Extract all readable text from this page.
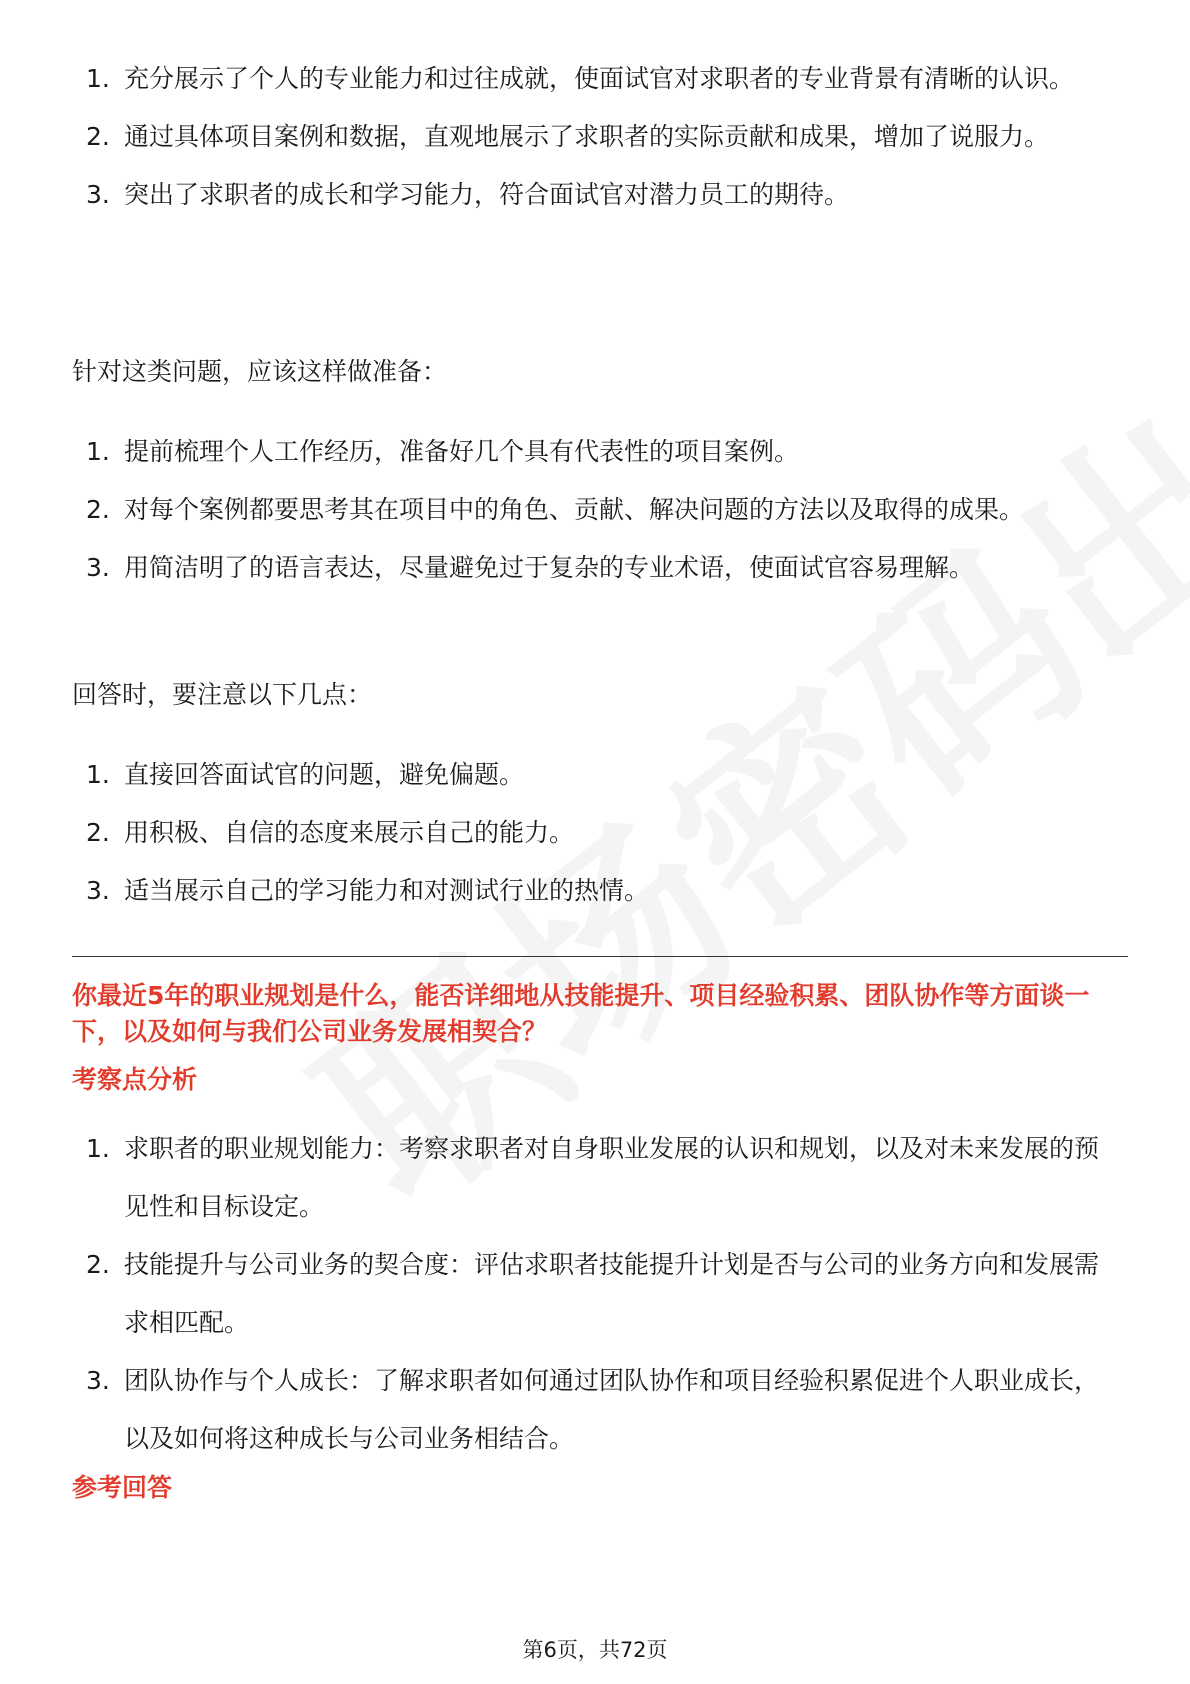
1. 充分展示了个人的专业能力和过往成就，使面试官对求职者的专业背景有清晰的认识。
2. 通过具体项目案例和数据，直观地展示了求职者的实际贡献和成果，增加了说服力。
3. 突出了求职者的成长和学习能力，符合面试官对潜力员工的期待。

针对这类问题，应该这样做准备：

1. 提前梳理个人工作经历，准备好几个具有代表性的项目案例。
2. 对每个案例都要思考其在项目中的角色、贡献、解决问题的方法以及取得的成果。
3. 用简洁明了的语言表达，尽量避免过于复杂的专业术语，使面试官容易理解。

回答时，要注意以下几点：

1. 直接回答面试官的问题，避免偏题。
2. 用积极、自信的态度来展示自己的能力。
3. 适当展示自己的学习能力和对测试行业的热情。

你最近5年的职业规划是什么，能否详细地从技能提升、项目经验积累、团队协作等方面谈一下，以及如何与我们公司业务发展相契合？

考察点分析

1. 求职者的职业规划能力：考察求职者对自身职业发展的认识和规划，以及对未来发展的预见性和目标设定。
2. 技能提升与公司业务的契合度：评估求职者技能提升计划是否与公司的业务方向和发展需求相匹配。
3. 团队协作与个人成长：了解求职者如何通过团队协作和项目经验积累促进个人职业成长，以及如何将这种成长与公司业务相结合。

参考回答

第6页，共72页
